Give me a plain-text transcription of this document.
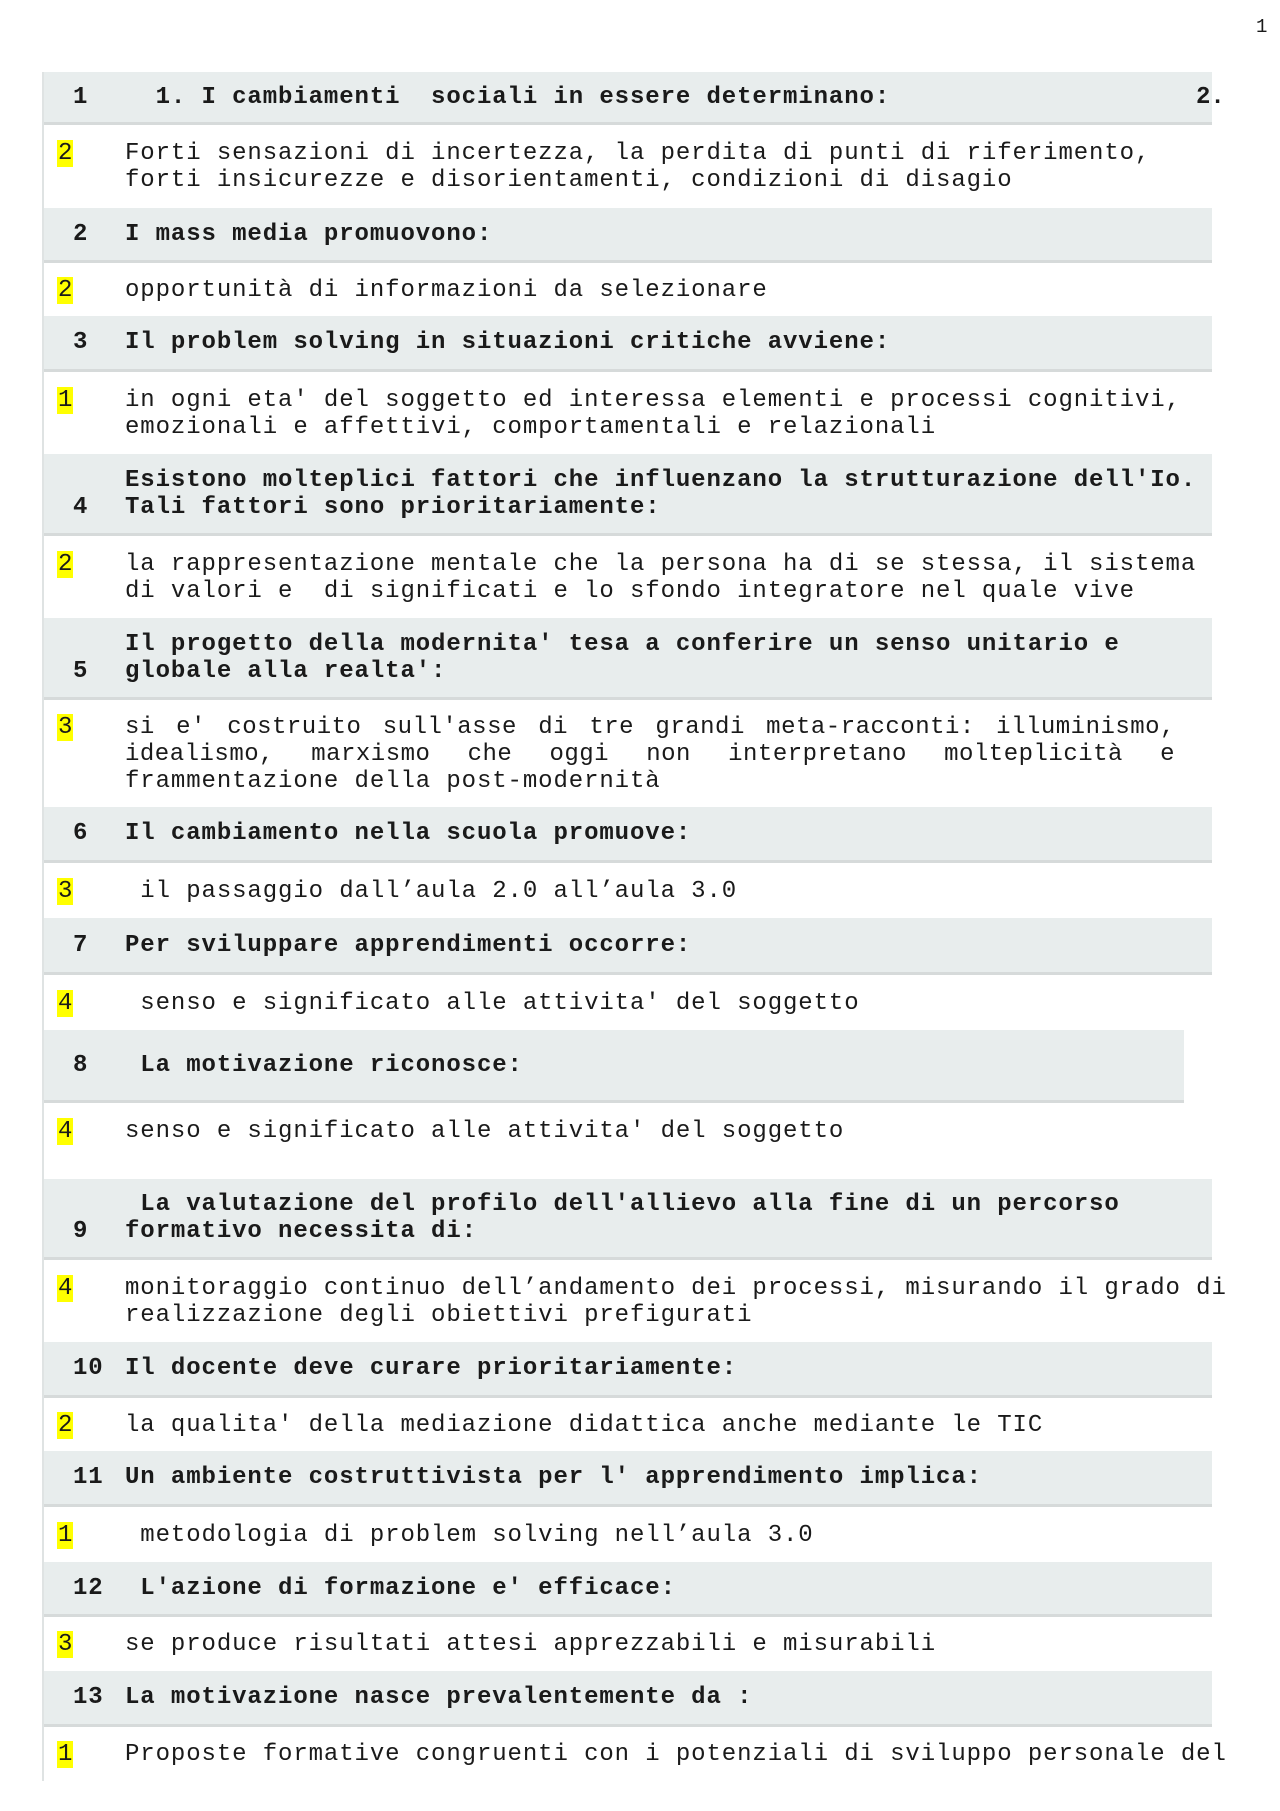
1
1 1. I cambiamenti  sociali in essere determinano:	2.
2 Forti sensazioni di incertezza, la perdita di punti di riferimento,
forti insicurezze e disorientamenti, condizioni di disagio
2 I mass media promuovono:
2 opportunità di informazioni da selezionare
3 Il problem solving in situazioni critiche avviene:
1 in ogni eta' del soggetto ed interessa elementi e processi cognitivi,
emozionali e affettivi, comportamentali e relazionali
4
Esistono molteplici fattori che influenzano la strutturazione dell'Io.
Tali fattori sono prioritariamente:
2 la rappresentazione mentale che la persona ha di se stessa, il sistema
di valori e  di significati e lo sfondo integratore nel quale vive
5
Il progetto della modernita' tesa a conferire un senso unitario e
globale alla realta':
3 si e' costruito sull'asse di tre grandi meta-racconti: illuminismo,
idealismo, marxismo che oggi non interpretano molteplicità e
frammentazione della post-modernità
6 Il cambiamento nella scuola promuove:
3 il passaggio dall’aula 2.0 all’aula 3.0
7 Per sviluppare apprendimenti occorre:
4 senso e significato alle attivita' del soggetto
8 La motivazione riconosce:
4 senso e significato alle attivita' del soggetto
9
La valutazione del profilo dell'allievo alla fine di un percorso
formativo necessita di:
4 monitoraggio continuo dell’andamento dei processi, misurando il grado di
realizzazione degli obiettivi prefigurati
10 Il docente deve curare prioritariamente:
2 la qualita' della mediazione didattica anche mediante le TIC
11 Un ambiente costruttivista per l' apprendimento implica:
1 metodologia di problem solving nell’aula 3.0
12 L'azione di formazione e' efficace:
3 se produce risultati attesi apprezzabili e misurabili
13 La motivazione nasce prevalentemente da :
1 Proposte formative congruenti con i potenziali di sviluppo personale del
